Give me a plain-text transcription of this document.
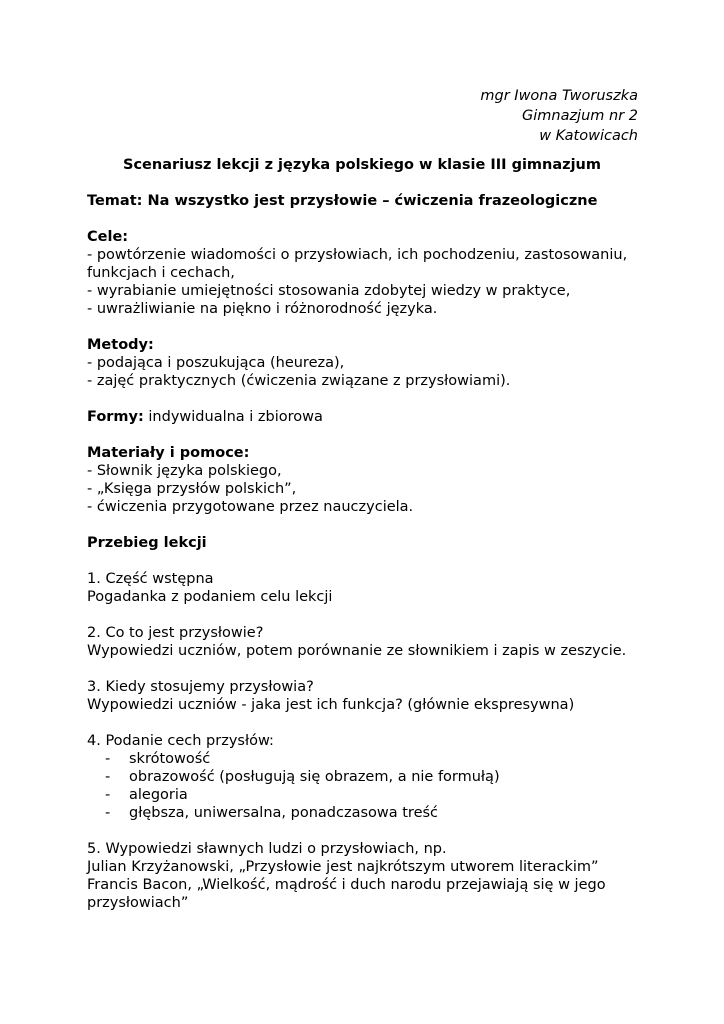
mgr Iwona Tworuszka
Gimnazjum nr 2
w Katowicach
Scenariusz lekcji z języka polskiego w klasie III gimnazjum
Temat: Na wszystko jest przysłowie – ćwiczenia frazeologiczne
Cele:
- powtórzenie wiadomości o przysłowiach, ich pochodzeniu, zastosowaniu, funkcjach i cechach,
- wyrabianie umiejętności stosowania zdobytej wiedzy w praktyce,
- uwrażliwianie na piękno i różnorodność języka.
Metody:
- podająca i poszukująca (heureza),
- zajęć praktycznych (ćwiczenia związane z przysłowiami).
Formy: indywidualna i zbiorowa
Materiały i pomoce:
- Słownik języka polskiego,
- „Księga przysłów polskich”,
- ćwiczenia przygotowane przez nauczyciela.
Przebieg lekcji
1. Część wstępna
Pogadanka z podaniem celu lekcji
2. Co to jest przysłowie?
Wypowiedzi uczniów, potem porównanie ze słownikiem i zapis w zeszycie.
3. Kiedy stosujemy przysłowia?
Wypowiedzi uczniów - jaka jest ich funkcja? (głównie ekspresywna)
4. Podanie cech przysłów:
- skrótowość
- obrazowość (posługują się obrazem, a nie formułą)
- alegoria
- głębsza, uniwersalna, ponadczasowa treść
5. Wypowiedzi sławnych ludzi o przysłowiach, np.
Julian Krzyżanowski, „Przysłowie jest najkrótszym utworem literackim”
Francis Bacon, „Wielkość, mądrość i duch narodu przejawiają się w jego przysłowiach”
